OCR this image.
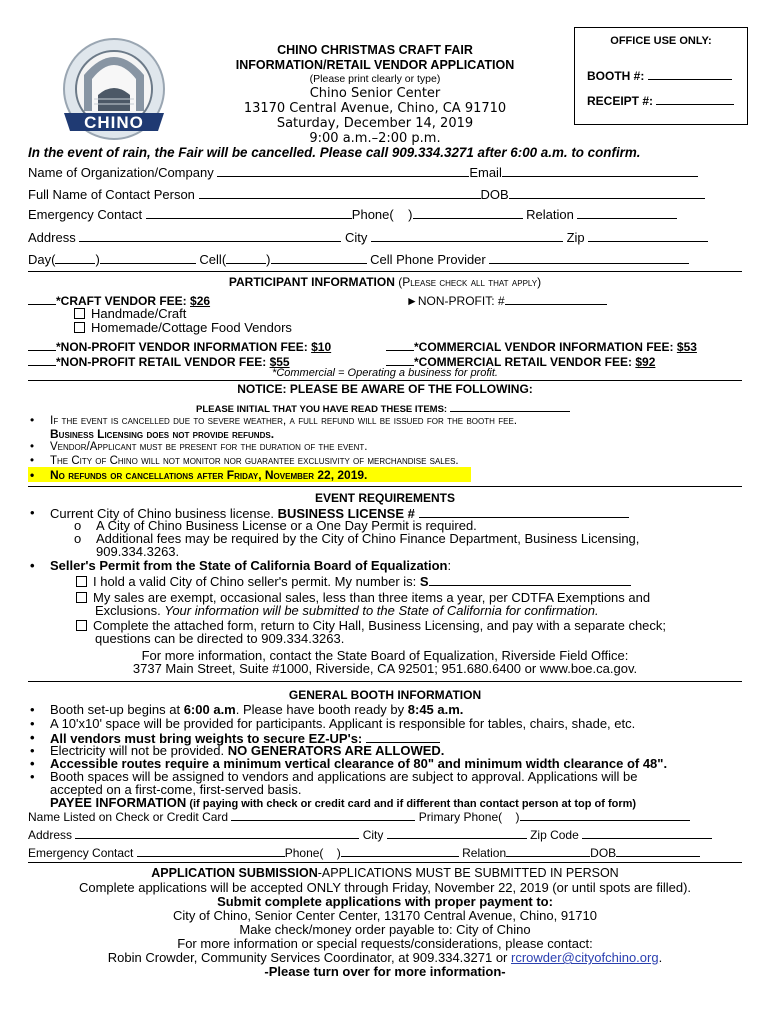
OFFICE USE ONLY:
BOOTH #:
RECEIPT #:
CHINO
CHINO CHRISTMAS CRAFT FAIR
INFORMATION/RETAIL VENDOR APPLICATION
(Please print clearly or type)
Chino Senior Center
13170 Central Avenue, Chino, CA 91710
Saturday, December 14, 2019
9:00 a.m.–2:00 p.m.
In the event of rain, the Fair will be cancelled. Please call 909.334.3271 after 6:00 a.m. to confirm.
Name of Organization/Company	Email
Full Name of Contact Person	DOB
Emergency Contact	Phone( )	Relation
Address	City	Zip
Day(	)	Cell(	)	Cell Phone Provider
PARTICIPANT INFORMATION (Please check all that apply)
*CRAFT VENDOR FEE: $26	►NON-PROFIT: #
Handmade/Craft
Homemade/Cottage Food Vendors
*NON-PROFIT VENDOR INFORMATION FEE: $10	*COMMERCIAL VENDOR INFORMATION FEE: $53
*NON-PROFIT RETAIL VENDOR FEE: $55	*COMMERCIAL RETAIL VENDOR FEE: $92
*Commercial = Operating a business for profit.
NOTICE: PLEASE BE AWARE OF THE FOLLOWING:
PLEASE INITIAL THAT YOU HAVE READ THESE ITEMS:
• If the event is cancelled due to severe weather, a full refund will be issued for the booth fee.
Business Licensing does not provide refunds.
• Vendor/Applicant must be present for the duration of the event.
• The City of Chino will not monitor nor guarantee exclusivity of merchandise sales.
• No refunds or cancellations after Friday, November 22, 2019.
EVENT REQUIREMENTS
• Current City of Chino business license. BUSINESS LICENSE #
o A City of Chino Business License or a One Day Permit is required.
o Additional fees may be required by the City of Chino Finance Department, Business Licensing,
909.334.3263.
• Seller's Permit from the State of California Board of Equalization:
I hold a valid City of Chino seller's permit. My number is: S
My sales are exempt, occasional sales, less than three items a year, per CDTFA Exemptions and
Exclusions. Your information will be submitted to the State of California for confirmation.
Complete the attached form, return to City Hall, Business Licensing, and pay with a separate check;
questions can be directed to 909.334.3263.
For more information, contact the State Board of Equalization, Riverside Field Office:
3737 Main Street, Suite #1000, Riverside, CA 92501; 951.680.6400 or www.boe.ca.gov.
GENERAL BOOTH INFORMATION
• Booth set-up begins at 6:00 a.m. Please have booth ready by 8:45 a.m.
• A 10'x10' space will be provided for participants. Applicant is responsible for tables, chairs, shade, etc.
• All vendors must bring weights to secure EZ-UP's:
• Electricity will not be provided. NO GENERATORS ARE ALLOWED.
• Accessible routes require a minimum vertical clearance of 80" and minimum width clearance of 48".
• Booth spaces will be assigned to vendors and applications are subject to approval. Applications will be
accepted on a first-come, first-served basis.
PAYEE INFORMATION (if paying with check or credit card and if different than contact person at top of form)
Name Listed on Check or Credit Card	Primary Phone( )
Address	City	Zip Code
Emergency Contact	Phone( )	Relation	DOB
APPLICATION SUBMISSION-APPLICATIONS MUST BE SUBMITTED IN PERSON
Complete applications will be accepted ONLY through Friday, November 22, 2019 (or until spots are filled).
Submit complete applications with proper payment to:
City of Chino, Senior Center Center, 13170 Central Avenue, Chino, 91710
Make check/money order payable to: City of Chino
For more information or special requests/considerations, please contact:
Robin Crowder, Community Services Coordinator, at 909.334.3271 or rcrowder@cityofchino.org.
-Please turn over for more information-
